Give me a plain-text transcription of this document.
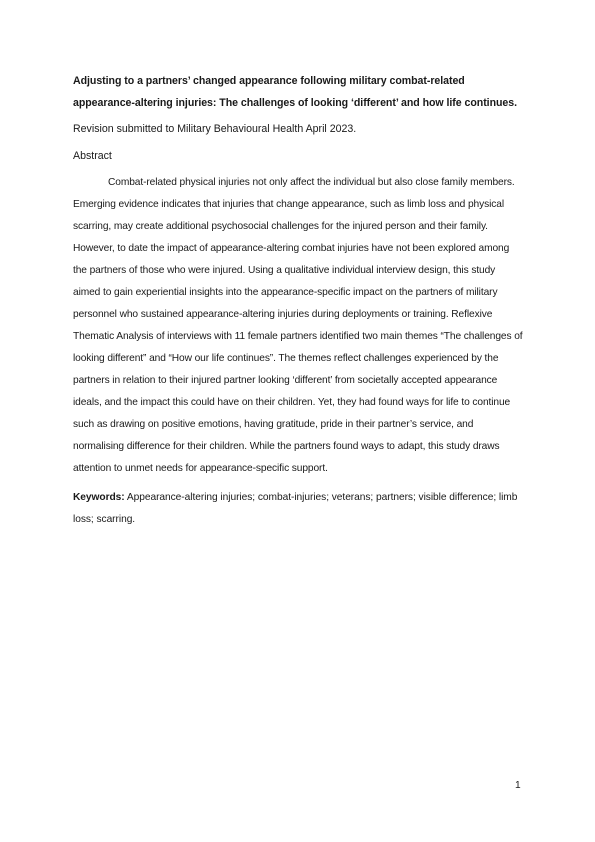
Adjusting to a partners’ changed appearance following military combat-related appearance-altering injuries: The challenges of looking ‘different’ and how life continues.

Revision submitted to Military Behavioural Health April 2023.

Abstract

Combat-related physical injuries not only affect the individual but also close family members. Emerging evidence indicates that injuries that change appearance, such as limb loss and physical scarring, may create additional psychosocial challenges for the injured person and their family. However, to date the impact of appearance-altering combat injuries have not been explored among the partners of those who were injured. Using a qualitative individual interview design, this study aimed to gain experiential insights into the appearance-specific impact on the partners of military personnel who sustained appearance-altering injuries during deployments or training. Reflexive Thematic Analysis of interviews with 11 female partners identified two main themes “The challenges of looking different” and “How our life continues”. The themes reflect challenges experienced by the partners in relation to their injured partner looking ‘different’ from societally accepted appearance ideals, and the impact this could have on their children. Yet, they had found ways for life to continue such as drawing on positive emotions, having gratitude, pride in their partner’s service, and normalising difference for their children. While the partners found ways to adapt, this study draws attention to unmet needs for appearance-specific support.

Keywords: Appearance-altering injuries; combat-injuries; veterans; partners; visible difference; limb loss; scarring.

1
